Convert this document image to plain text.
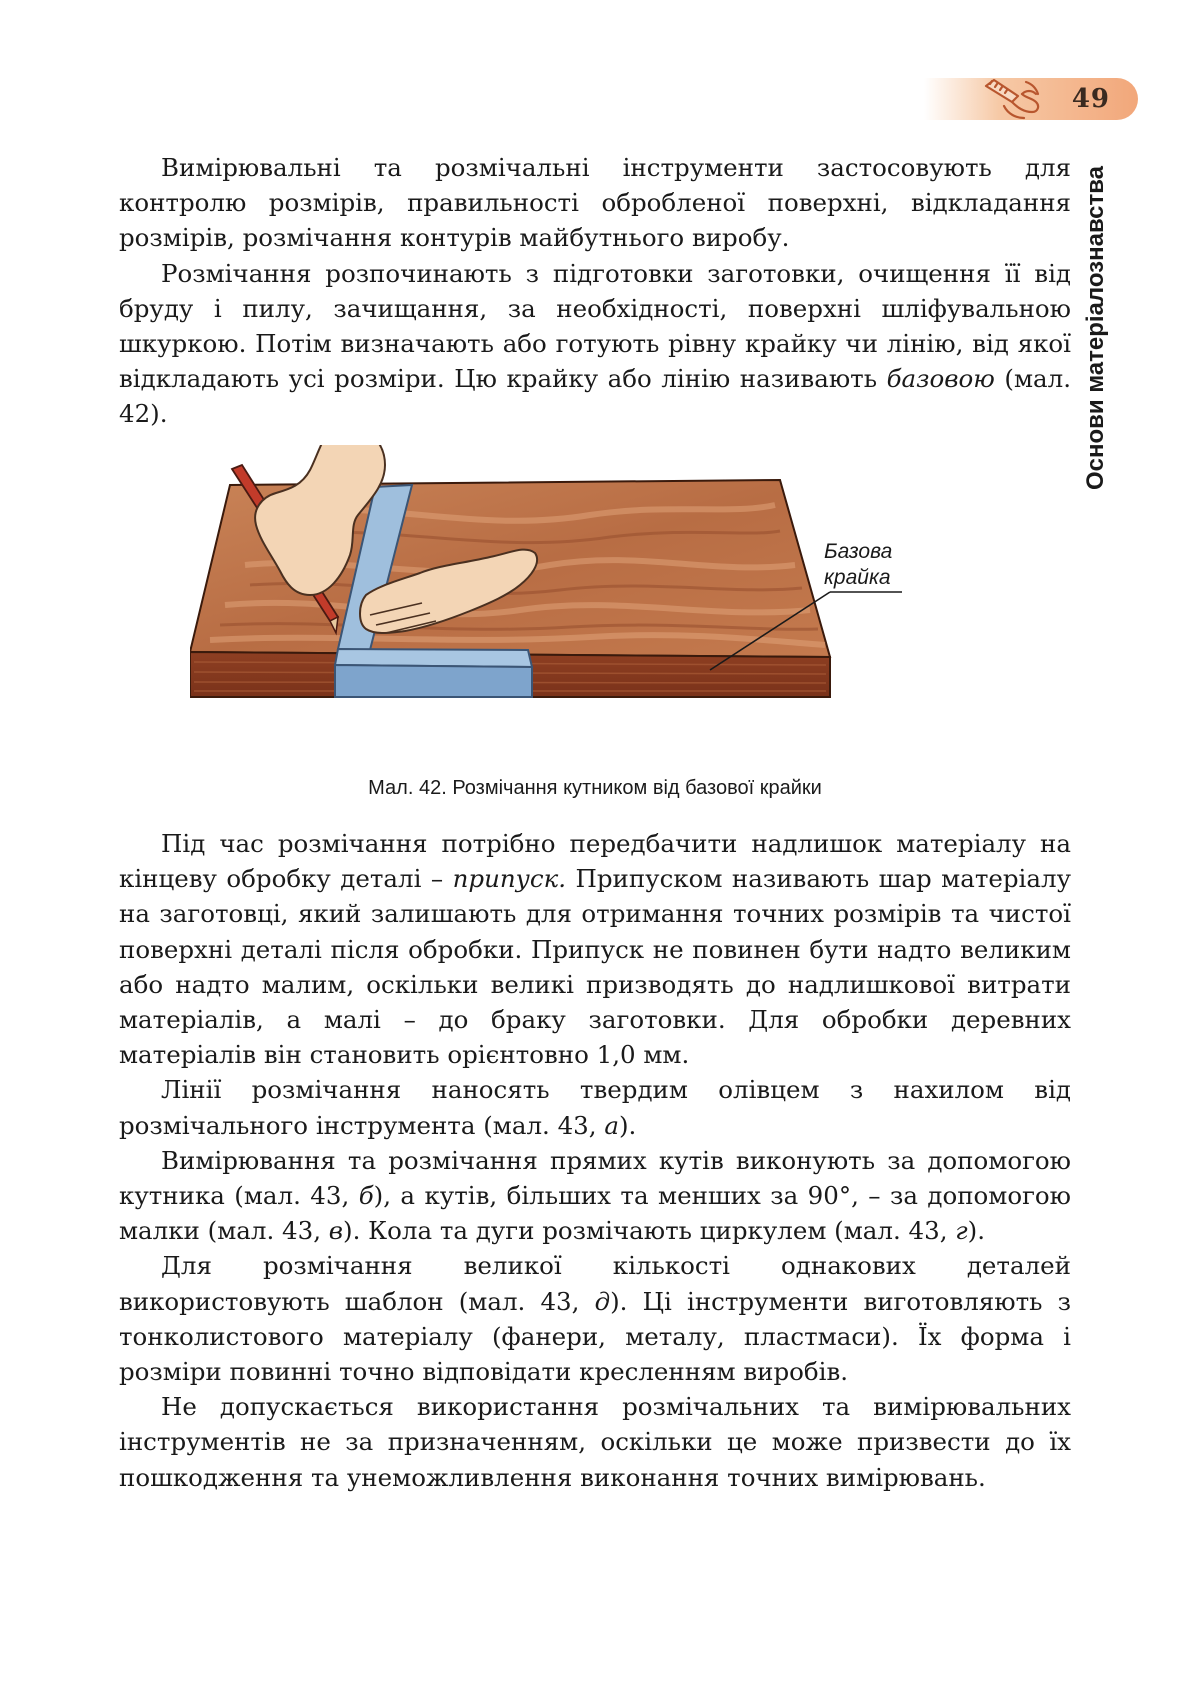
49
Основи матеріалознавства

Вимірювальні та розмічальні інструменти застосовують для контролю розмірів, правильності обробленої поверхні, відкладання розмірів, розмічання контурів майбутнього виробу.

Розмічання розпочинають з підготовки заготовки, очищення її від бруду і пилу, зачищання, за необхідності, поверхні шліфувальною шкуркою. Потім визначають або готують рівну крайку чи лінію, від якої відкладають усі розміри. Цю крайку або лінію називають базовою (мал. 42).

Базова
крайка
Мал. 42. Розмічання кутником від базової крайки

Під час розмічання потрібно передбачити надлишок матеріалу на кінцеву обробку деталі – припуск. Припуском називають шар матеріалу на заготовці, який залишають для отримання точних розмірів та чистої поверхні деталі після обробки. Припуск не повинен бути надто великим або надто малим, оскільки великі призводять до надлишкової витрати матеріалів, а малі – до браку заготовки. Для обробки деревних матеріалів він становить орієнтовно 1,0 мм.

Лінії розмічання наносять твердим олівцем з нахилом від розмічального інструмента (мал. 43, а).

Вимірювання та розмічання прямих кутів виконують за допомогою кутника (мал. 43, б), а кутів, більших та менших за 90°, – за допомогою малки (мал. 43, в). Кола та дуги розмічають циркулем (мал. 43, г).

Для розмічання великої кількості однакових деталей використовують шаблон (мал. 43, д). Ці інструменти виготовляють з тонколистового матеріалу (фанери, металу, пластмаси). Їх форма і розміри повинні точно відповідати кресленням виробів.

Не допускається використання розмічальних та вимірювальних інструментів не за призначенням, оскільки це може призвести до їх пошкодження та унеможливлення виконання точних вимірювань.
